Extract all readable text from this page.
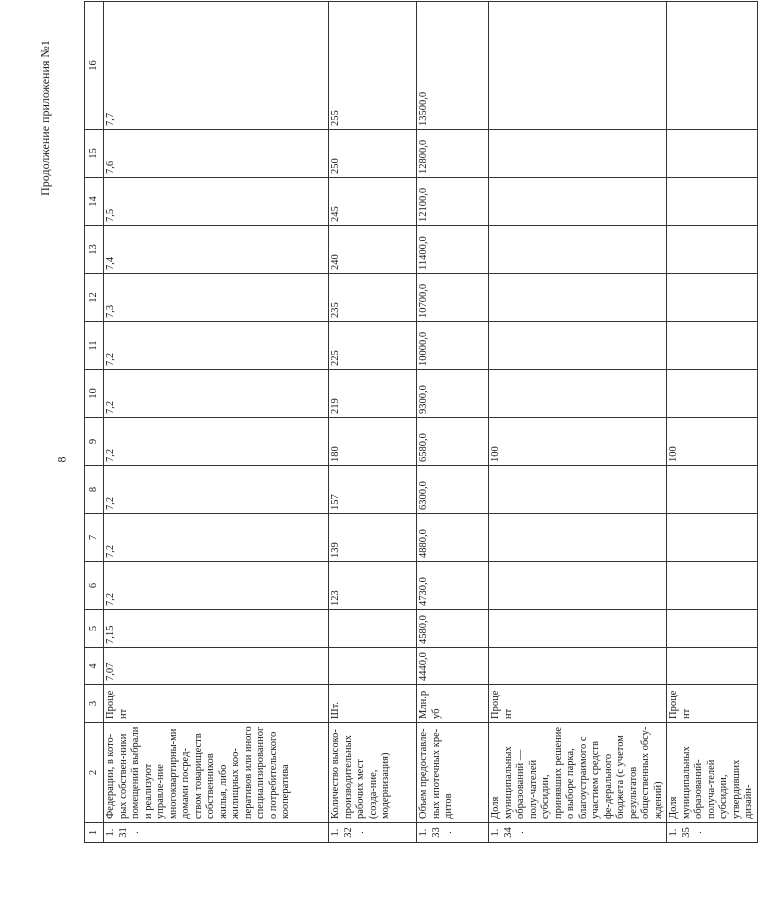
8
Продолжение приложения №1
1	2	3	4	5	6	7	8	9	10	11	12	13	14	15	16
1.31.	Федерации, в кото-рых собствен-ники помещений выбрали и реализуют управле-ние многоквартирны-ми домами посред-ством товариществ собственников жилья, либо жилищных коо-перативов или иного специализированного потребительского кооператива	Процент	7,07	7,15	7,2	7,2	7,2	7,2	7,2	7,2	7,3	7,4	7,5	7,6	7,7
1.32.	Количество высоко-производительных рабочих мест (созда-ние, модернизация)	Шт.			123	139	157	180	219	225	235	240	245	250	255
1.33.	Объем предоставле-ных ипотечных кре-дитов	Млн.руб	4440,0	4580,0	4730,0	4880,0	6300,0	6580,0	9300,0	10000,0	10700,0	11400,0	12100,0	12800,0	13500,0
1.34.	Доля муниципальных образований — полу-чателей субсидии, принявших решение о выборе парка, благоустраимого с участием средств фе-дерального бюджета (с учетом результатов общественных обсу-ждений)	Процент						100							
1.35.	Доля муниципальных образований-получа-телей субсидии, утвердивших дизайн-	Процент						100							
